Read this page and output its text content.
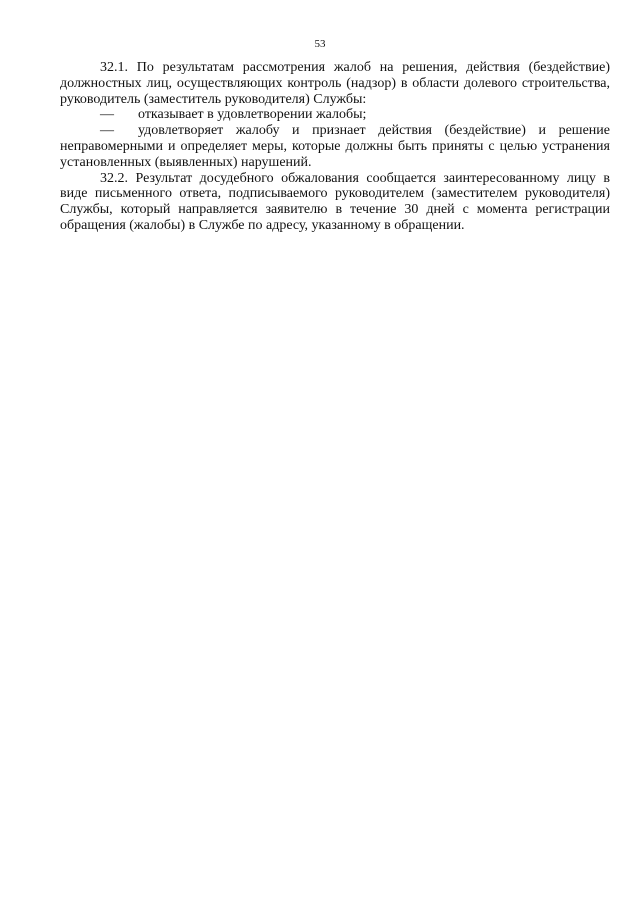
53

32.1. По результатам рассмотрения жалоб на решения, действия (бездействие) должностных лиц, осуществляющих контроль (надзор) в области долевого строительства, руководитель (заместитель руководителя) Службы:

— отказывает в удовлетворении жалобы;

— удовлетворяет жалобу и признает действия (бездействие) и решение неправомерными и определяет меры, которые должны быть приняты с целью устранения установленных (выявленных) нарушений.

32.2. Результат досудебного обжалования сообщается заинтересованному лицу в виде письменного ответа, подписываемого руководителем (заместителем руководителя) Службы, который направляется заявителю в течение 30 дней с момента регистрации обращения (жалобы) в Службе по адресу, указанному в обращении.
